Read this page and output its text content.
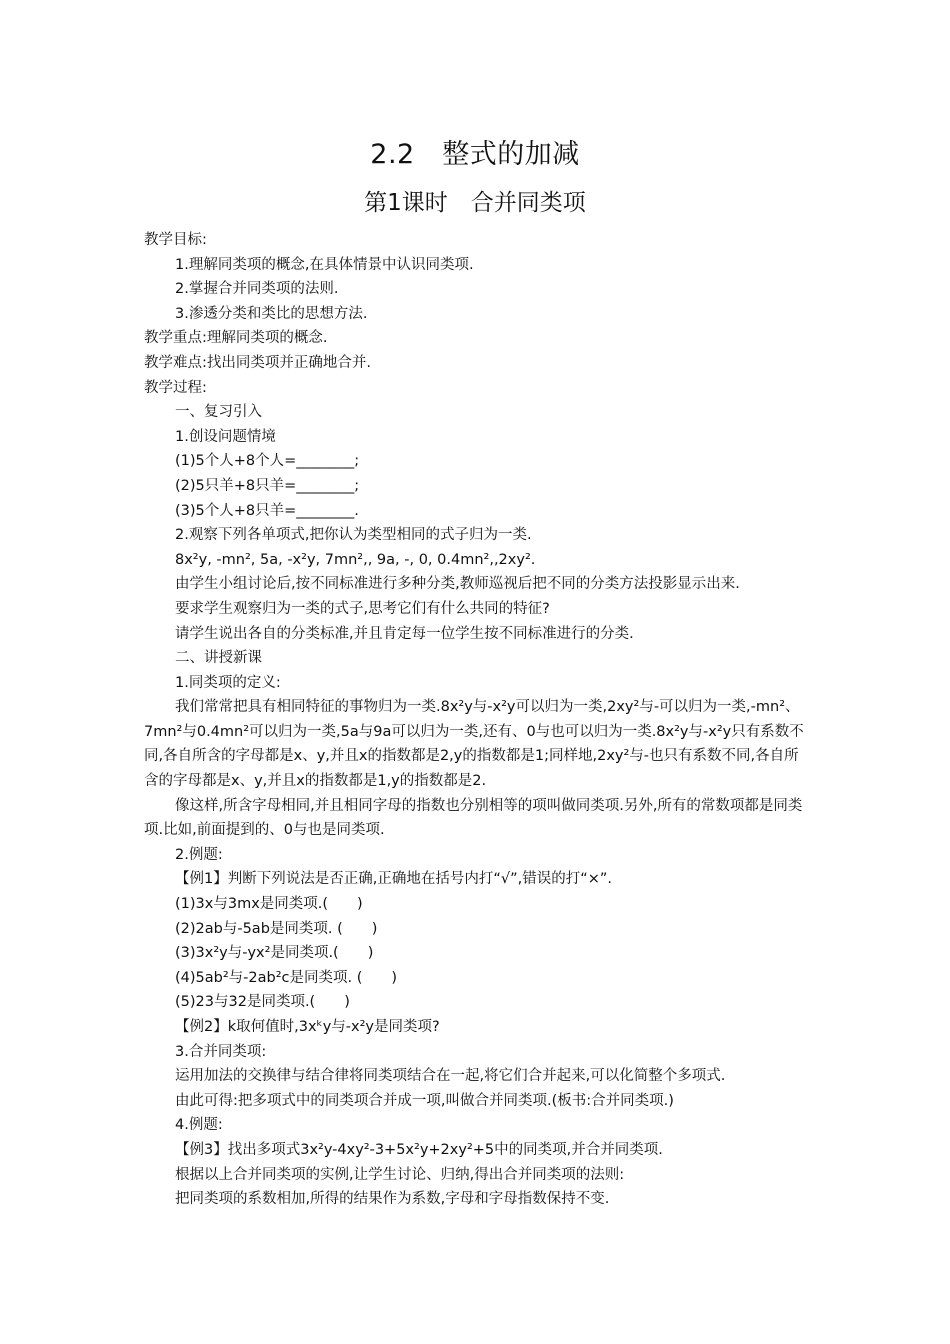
2.2　整式的加减
第1课时　合并同类项
教学目标:
1.理解同类项的概念,在具体情景中认识同类项.
2.掌握合并同类项的法则.
3.渗透分类和类比的思想方法.
教学重点:理解同类项的概念.
教学难点:找出同类项并正确地合并.
教学过程:
一、复习引入
1.创设问题情境
(1)5个人+8个人=________;
(2)5只羊+8只羊=________;
(3)5个人+8只羊=________.
2.观察下列各单项式,把你认为类型相同的式子归为一类.
8x²y, -mn², 5a, -x²y, 7mn²,, 9a, -, 0, 0.4mn²,,2xy².
由学生小组讨论后,按不同标准进行多种分类,教师巡视后把不同的分类方法投影显示出来.
要求学生观察归为一类的式子,思考它们有什么共同的特征?
请学生说出各自的分类标准,并且肯定每一位学生按不同标准进行的分类.
二、讲授新课
1.同类项的定义:
我们常常把具有相同特征的事物归为一类.8x²y与-x²y可以归为一类,2xy²与-可以归为一类,-mn²、7mn²与0.4mn²可以归为一类,5a与9a可以归为一类,还有、0与也可以归为一类.8x²y与-x²y只有系数不同,各自所含的字母都是x、y,并且x的指数都是2,y的指数都是1;同样地,2xy²与-也只有系数不同,各自所含的字母都是x、y,并且x的指数都是1,y的指数都是2.
像这样,所含字母相同,并且相同字母的指数也分别相等的项叫做同类项.另外,所有的常数项都是同类项.比如,前面提到的、0与也是同类项.
2.例题:
【例1】判断下列说法是否正确,正确地在括号内打“√”,错误的打“×”.
(1)3x与3mx是同类项.(　　)
(2)2ab与-5ab是同类项. (　　)
(3)3x²y与-yx²是同类项.(　　)
(4)5ab²与-2ab²c是同类项. (　　)
(5)23与32是同类项.(　　)
【例2】k取何值时,3xᵏy与-x²y是同类项?
3.合并同类项:
运用加法的交换律与结合律将同类项结合在一起,将它们合并起来,可以化简整个多项式.
由此可得:把多项式中的同类项合并成一项,叫做合并同类项.(板书:合并同类项.)
4.例题:
【例3】找出多项式3x²y-4xy²-3+5x²y+2xy²+5中的同类项,并合并同类项.
根据以上合并同类项的实例,让学生讨论、归纳,得出合并同类项的法则:
把同类项的系数相加,所得的结果作为系数,字母和字母指数保持不变.
